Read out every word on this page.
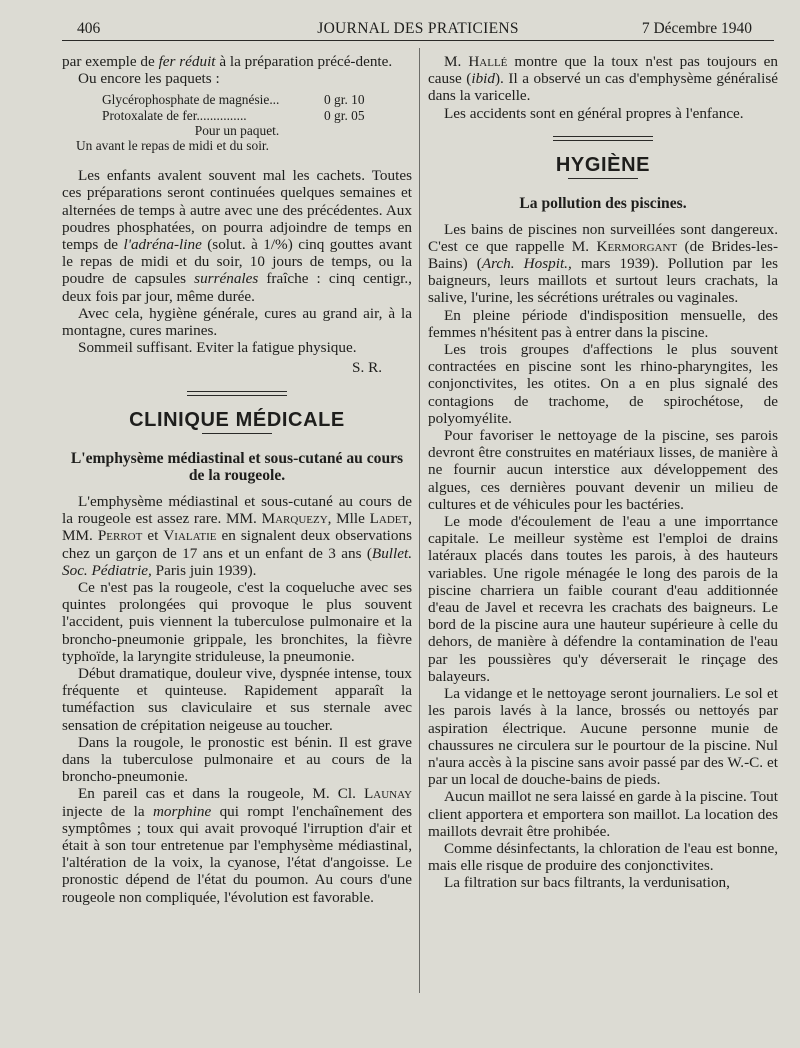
406	JOURNAL DES PRATICIENS	7 Décembre 1940

par exemple de fer réduit à la préparation précé-dente.

Ou encore les paquets :

Glycérophosphate de magnésie...	0 gr. 10
Protoxalate de fer...............	0 gr. 05
Pour un paquet.
Un avant le repas de midi et du soir.

Les enfants avalent souvent mal les cachets. Toutes ces préparations seront continuées quelques semaines et alternées de temps à autre avec une des précédentes. Aux poudres phosphatées, on pourra adjoindre de temps en temps de l'adréna-line (solut. à 1/%) cinq gouttes avant le repas de midi et du soir, 10 jours de temps, ou la poudre de capsules surrénales fraîche : cinq centigr., deux fois par jour, même durée.

Avec cela, hygiène générale, cures au grand air, à la montagne, cures marines.

Sommeil suffisant. Eviter la fatigue physique.

S. R.
CLINIQUE MÉDICALE
L'emphysème médiastinal et sous-cutané au cours de la rougeole.

L'emphysème médiastinal et sous-cutané au cours de la rougeole est assez rare. MM. Marquezy, Mlle Ladet, MM. Perrot et Vialatie en signalent deux observations chez un garçon de 17 ans et un enfant de 3 ans (Bullet. Soc. Pédiatrie, Paris juin 1939).

Ce n'est pas la rougeole, c'est la coqueluche avec ses quintes prolongées qui provoque le plus souvent l'accident, puis viennent la tuberculose pulmonaire et la broncho-pneumonie grippale, les bronchites, la fièvre typhoïde, la laryngite striduleuse, la pneumonie.

Début dramatique, douleur vive, dyspnée intense, toux fréquente et quinteuse. Rapidement apparaît la tuméfaction sus claviculaire et sus sternale avec sensation de crépitation neigeuse au toucher.

Dans la rougole, le pronostic est bénin. Il est grave dans la tuberculose pulmonaire et au cours de la broncho-pneumonie.

En pareil cas et dans la rougeole, M. Cl. Launay injecte de la morphine qui rompt l'enchaînement des symptômes ; toux qui avait provoqué l'irruption d'air et était à son tour entretenue par l'emphysème médiastinal, l'altération de la voix, la cyanose, l'état d'angoisse. Le pronostic dépend de l'état du poumon. Au cours d'une rougeole non compliquée, l'évolution est favorable.

M. Hallé montre que la toux n'est pas toujours en cause (ibid). Il a observé un cas d'emphysème généralisé dans la varicelle.

Les accidents sont en général propres à l'enfance.

HYGIÈNE
La pollution des piscines.

Les bains de piscines non surveillées sont dangereux. C'est ce que rappelle M. Kermorgant (de Brides-les-Bains) (Arch. Hospit., mars 1939). Pollution par les baigneurs, leurs maillots et surtout leurs crachats, la salive, l'urine, les sécrétions urétrales ou vaginales.

En pleine période d'indisposition mensuelle, des femmes n'hésitent pas à entrer dans la piscine.

Les trois groupes d'affections le plus souvent contractées en piscine sont les rhino-pharyngites, les conjonctivites, les otites. On a en plus signalé des contagions de trachome, de spirochétose, de polyomyélite.

Pour favoriser le nettoyage de la piscine, ses parois devront être construites en matériaux lisses, de manière à ne fournir aucun interstice aux développement des algues, ces dernières pouvant devenir un milieu de cultures et de véhicules pour les bactéries.

Le mode d'écoulement de l'eau a une imporrtance capitale. Le meilleur système est l'emploi de drains latéraux placés dans toutes les parois, à des hauteurs variables. Une rigole ménagée le long des parois de la piscine charriera un faible courant d'eau additionnée d'eau de Javel et recevra les crachats des baigneurs. Le bord de la piscine aura une hauteur supérieure à celle du dehors, de manière à défendre la contamination de l'eau par les poussières qu'y déverserait le rinçage des balayeurs.

La vidange et le nettoyage seront journaliers. Le sol et les parois lavés à la lance, brossés ou nettoyés par aspiration électrique. Aucune personne munie de chaussures ne circulera sur le pourtour de la piscine. Nul n'aura accès à la piscine sans avoir passé par des W.-C. et par un local de douche-bains de pieds.

Aucun maillot ne sera laissé en garde à la piscine. Tout client apportera et emportera son maillot. La location des maillots devrait être prohibée.

Comme désinfectants, la chloration de l'eau est bonne, mais elle risque de produire des conjonctivites.

La filtration sur bacs filtrants, la verdunisation,
